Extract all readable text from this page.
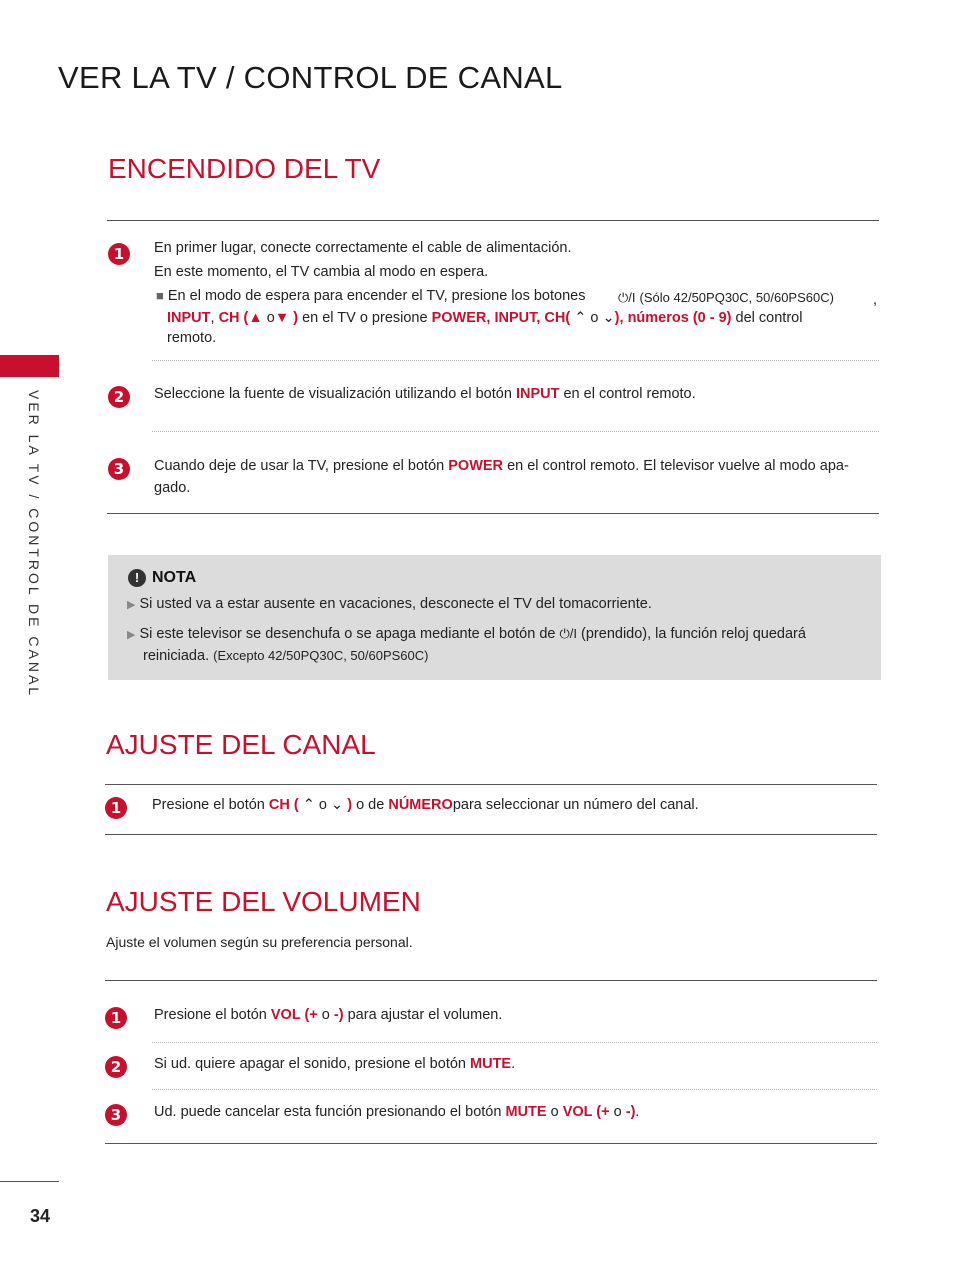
VER LA TV / CONTROL DE CANAL
VER LA TV / CONTROL DE CANAL
ENCENDIDO DEL TV
1	En primer lugar, conecte correctamente el cable de alimentación.
En este momento, el TV cambia al modo en espera.
■ En el modo de espera para encender el TV, presione los botones	⏻/I (Sólo 42/50PQ30C, 50/60PS60C)	,
INPUT, CH (▲ o▼ ) en el TV o presione POWER, INPUT, CH( ⌃ o ⌄), números (0 - 9) del control
remoto.
2	Seleccione la fuente de visualización utilizando el botón INPUT en el control remoto.
3	Cuando deje de usar la TV, presione el botón POWER en el control remoto. El televisor vuelve al modo apa-
gado.
! NOTA
▶ Si usted va a estar ausente en vacaciones, desconecte el TV del tomacorriente.
▶ Si este televisor se desenchufa o se apaga mediante el botón de ⏻/I (prendido), la función reloj quedará
reiniciada. (Excepto 42/50PQ30C, 50/60PS60C)
AJUSTE DEL CANAL
1	Presione el botón CH ( ⌃ o ⌄ ) o de NÚMEROpara seleccionar un número del canal.
AJUSTE DEL VOLUMEN
Ajuste el volumen según su preferencia personal.
1	Presione el botón VOL (+ o -) para ajustar el volumen.
2	Si ud. quiere apagar el sonido, presione el botón MUTE.
3	Ud. puede cancelar esta función presionando el botón MUTE o VOL (+ o -).
34
